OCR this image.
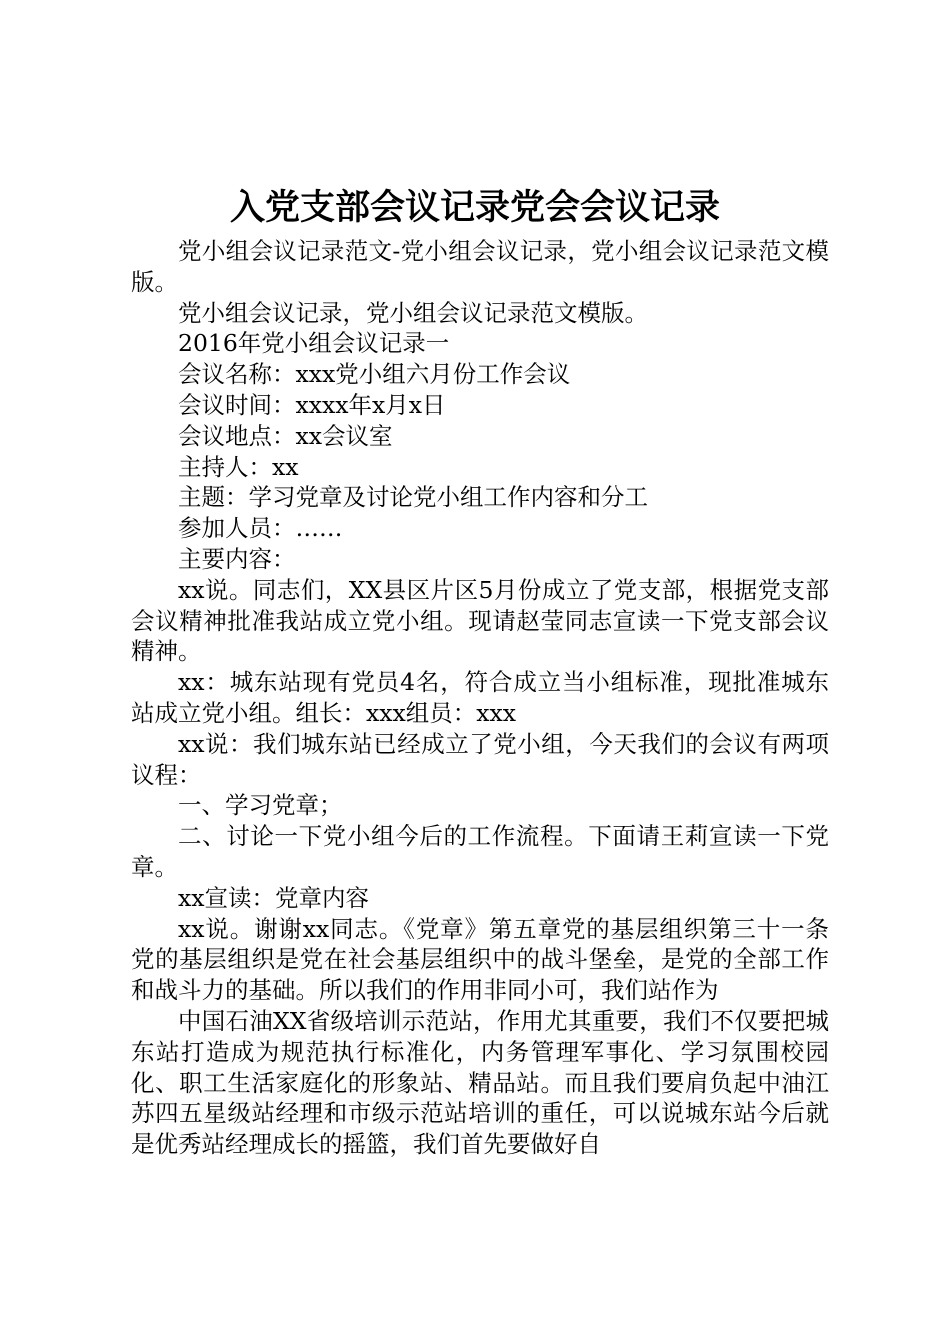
入党支部会议记录党会会议记录

党小组会议记录范文-党小组会议记录，党小组会议记录范文模版。

党小组会议记录，党小组会议记录范文模版。

2016年党小组会议记录一

会议名称：xxx党小组六月份工作会议

会议时间：xxxx年x月x日

会议地点：xx会议室

主持人：xx

主题：学习党章及讨论党小组工作内容和分工

参加人员：……

主要内容：

xx说。同志们，XX县区片区5月份成立了党支部，根据党支部会议精神批准我站成立党小组。现请赵莹同志宣读一下党支部会议精神。

xx：城东站现有党员4名，符合成立当小组标准，现批准城东站成立党小组。组长：xxx组员：xxx

xx说：我们城东站已经成立了党小组，今天我们的会议有两项议程：

一、学习党章；

二、讨论一下党小组今后的工作流程。下面请王莉宣读一下党章。

xx宣读：党章内容

xx说。谢谢xx同志。《党章》第五章党的基层组织第三十一条党的基层组织是党在社会基层组织中的战斗堡垒，是党的全部工作和战斗力的基础。所以我们的作用非同小可，我们站作为

中国石油XX省级培训示范站，作用尤其重要，我们不仅要把城东站打造成为规范执行标准化，内务管理军事化、学习氛围校园化、职工生活家庭化的形象站、精品站。而且我们要肩负起中油江苏四五星级站经理和市级示范站培训的重任，可以说城东站今后就是优秀站经理成长的摇篮，我们首先要做好自
